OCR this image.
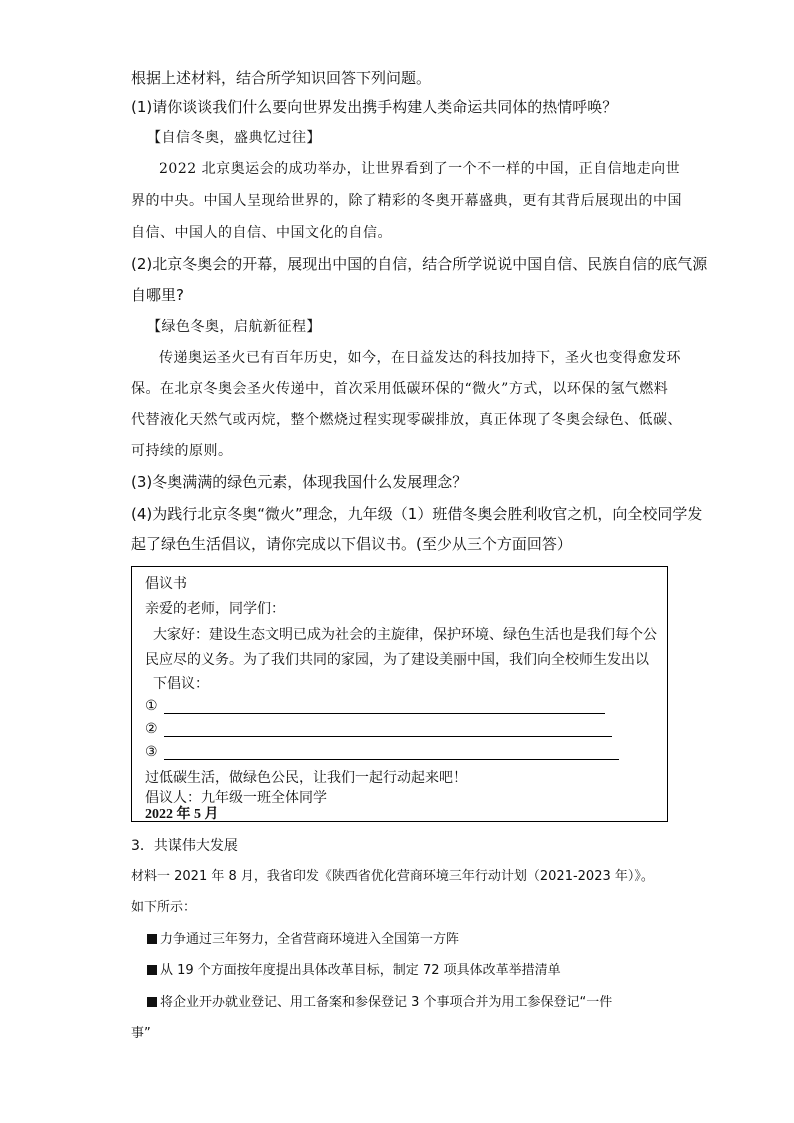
根据上述材料，结合所学知识回答下列问题。
(1)请你谈谈我们什么要向世界发出携手构建人类命运共同体的热情呼唤？
【自信冬奥，盛典忆过往】
2022 北京奥运会的成功举办，让世界看到了一个不一样的中国，正自信地走向世
界的中央。中国人呈现给世界的，除了精彩的冬奥开幕盛典，更有其背后展现出的中国
自信、中国人的自信、中国文化的自信。
(2)北京冬奥会的开幕，展现出中国的自信，结合所学说说中国自信、民族自信的底气源
自哪里?
【绿色冬奥，启航新征程】
传递奥运圣火已有百年历史，如今，在日益发达的科技加持下，圣火也变得愈发环
保。在北京冬奥会圣火传递中，首次采用低碳环保的“微火”方式，以环保的氢气燃料
代替液化天然气或丙烷，整个燃烧过程实现零碳排放，真正体现了冬奥会绿色、低碳、
可持续的原则。
(3)冬奥满满的绿色元素，体现我国什么发展理念？
(4)为践行北京冬奥“微火”理念，九年级（1）班借冬奥会胜利收官之机，向全校同学发
起了绿色生活倡议，请你完成以下倡议书。(至少从三个方面回答）
倡议书
亲爱的老师，同学们：
大家好：建设生态文明已成为社会的主旋律，保护环境、绿色生活也是我们每个公
民应尽的义务。为了我们共同的家园，为了建设美丽中国，我们向全校师生发出以
下倡议：
①
②
③
过低碳生活，做绿色公民，让我们一起行动起来吧！
倡议人：九年级一班全体同学
2022 年 5 月
3．共谋伟大发展
材料一 2021 年 8 月，我省印发《陕西省优化营商环境三年行动计划（2021-2023 年）》。
如下所示：
力争通过三年努力，全省营商环境进入全国第一方阵
从 19 个方面按年度提出具体改革目标，制定 72 项具体改革举措清单
将企业开办就业登记、用工备案和参保登记 3 个事项合并为用工参保登记“一件
事”
